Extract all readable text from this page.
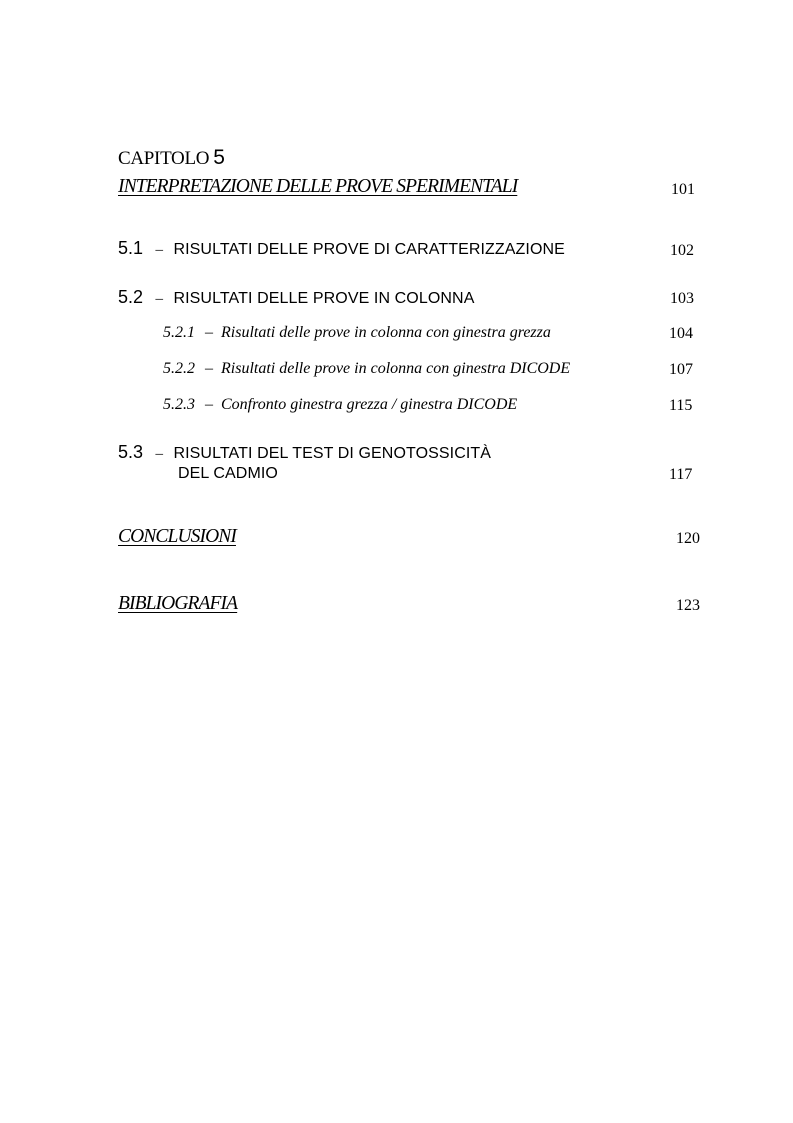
CAPITOLO 5
INTERPRETAZIONE DELLE PROVE SPERIMENTALI	101
5.1 – RISULTATI DELLE PROVE DI CARATTERIZZAZIONE	102
5.2 – RISULTATI DELLE PROVE IN COLONNA	103
5.2.1 – Risultati delle prove in colonna con ginestra grezza	104
5.2.2 – Risultati delle prove in colonna con ginestra DICODE	107
5.2.3 – Confronto ginestra grezza / ginestra DICODE	115
5.3 – RISULTATI DEL TEST DI GENOTOSSICITÀ
DEL CADMIO	117
CONCLUSIONI	120
BIBLIOGRAFIA	123
